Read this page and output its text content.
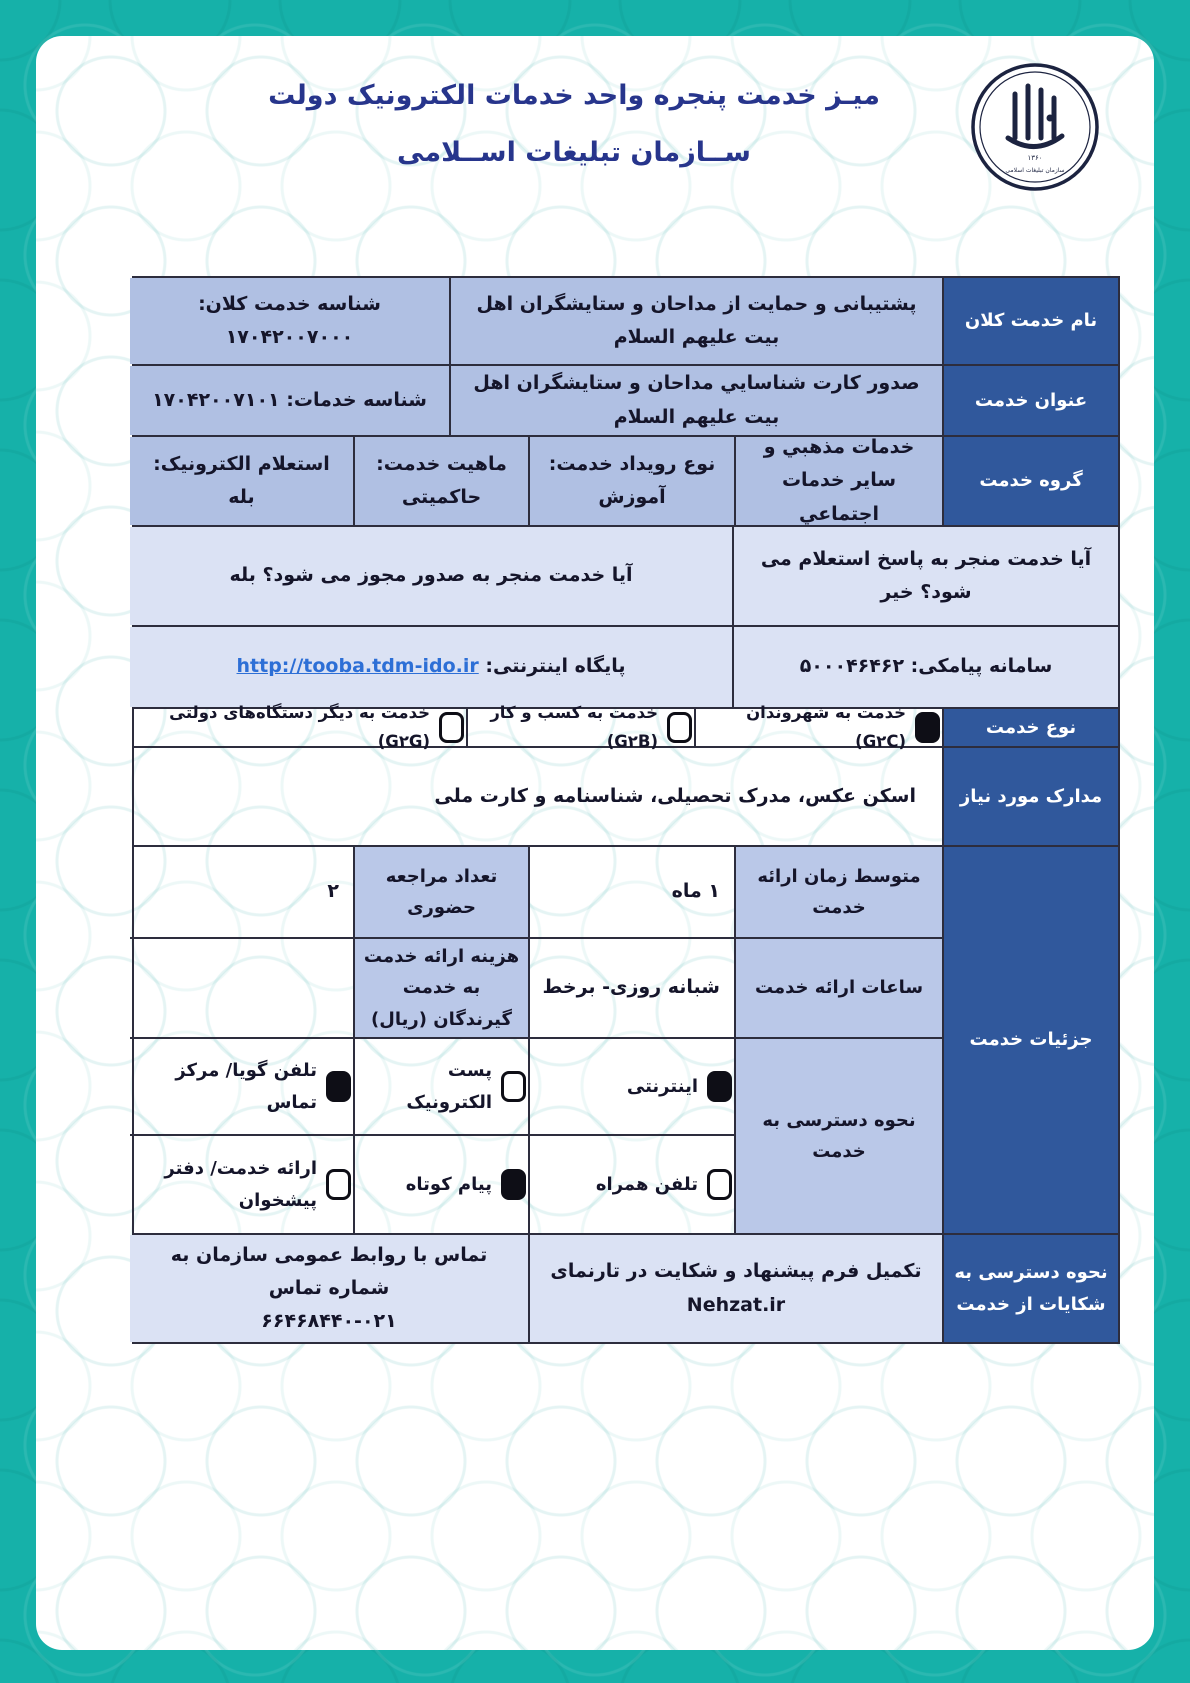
میـز خدمت پنجره واحد خدمات الکترونیک دولت
ســازمان تبلیغات اســلامی	۱۳۶۰
سازمان تبلیغات اسلامی
نام خدمت کلان
پشتیبانی و حمایت از مداحان و ستایشگران اهل بیت علیهم السلام
شناسه خدمت کلان: ۱۷۰۴۲۰۰۷۰۰۰
عنوان خدمت
صدور کارت شناسایي مداحان و ستایشگران اهل بیت علیهم السلام
شناسه خدمات: ۱۷۰۴۲۰۰۷۱۰۱
گروه خدمت
خدمات مذهبي و سایر خدمات اجتماعي
نوع رویداد خدمت: آموزش
ماهیت خدمت: حاکمیتی
استعلام الکترونیک: بله
آیا خدمت منجر به پاسخ استعلام می شود؟ خیر
آیا خدمت منجر به صدور مجوز می شود؟ بله
سامانه پیامکی: ۵۰۰۰۴۶۴۶۲
پایگاه اینترنتی:

http://tooba.tdm-ido.ir
نوع خدمت
خدمت به شهروندان (G۲C)
خدمت به کسب و کار (G۲B)
خدمت به دیگر دستگاه‌های دولتی (G۲G)
مدارک مورد نیاز
اسکن عکس، مدرک تحصیلی، شناسنامه و کارت ملی
جزئیات خدمت
متوسط زمان ارائه خدمت
۱ ماه
تعداد مراجعه حضوری
۲
ساعات ارائه خدمت
شبانه روزی- برخط
هزینه ارائه خدمت به خدمت گیرندگان (ریال)
نحوه دسترسی به خدمت
اینترنتی
پست الکترونیک
تلفن گویا/ مرکز تماس
تلفن همراه
پیام کوتاه
ارائه خدمت/ دفتر پیشخوان
نحوه دسترسی به شکایات از خدمت
تکمیل فرم پیشنهاد و شکایت در تارنمای Nehzat.ir
تماس با روابط عمومی سازمان به شماره تماس
۶۶۴۶۸۴۴۰-۰۲۱
